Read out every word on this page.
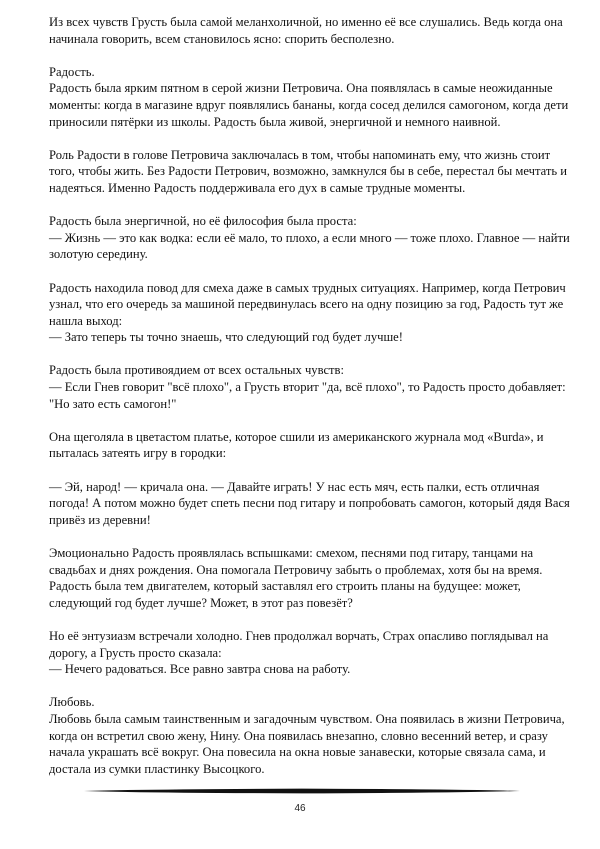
Из всех чувств Грусть была самой меланхоличной, но именно её все слушались. Ведь когда она
начинала говорить, всем становилось ясно: спорить бесполезно.

Радость.
Радость была ярким пятном в серой жизни Петровича. Она появлялась в самые неожиданные
моменты: когда в магазине вдруг появлялись бананы, когда сосед делился самогоном, когда дети
приносили пятёрки из школы. Радость была живой, энергичной и немного наивной.

Роль Радости в голове Петровича заключалась в том, чтобы напоминать ему, что жизнь стоит
того, чтобы жить. Без Радости Петрович, возможно, замкнулся бы в себе, перестал бы мечтать и
надеяться. Именно Радость поддерживала его дух в самые трудные моменты.

Радость была энергичной, но её философия была проста:
— Жизнь — это как водка: если её мало, то плохо, а если много — тоже плохо. Главное — найти
золотую середину.

Радость находила повод для смеха даже в самых трудных ситуациях. Например, когда Петрович
узнал, что его очередь за машиной передвинулась всего на одну позицию за год, Радость тут же
нашла выход:
— Зато теперь ты точно знаешь, что следующий год будет лучше!

Радость была противоядием от всех остальных чувств:
— Если Гнев говорит "всё плохо", а Грусть вторит "да, всё плохо", то Радость просто добавляет:
"Но зато есть самогон!"

Она щеголяла в цветастом платье, которое сшили из американского журнала мод «Burda», и
пыталась затеять игру в городки:

— Эй, народ! — кричала она. — Давайте играть! У нас есть мяч, есть палки, есть отличная
погода! А потом можно будет спеть песни под гитару и попробовать самогон, который дядя Вася
привёз из деревни!

Эмоционально Радость проявлялась вспышками: смехом, песнями под гитару, танцами на
свадьбах и днях рождения. Она помогала Петровичу забыть о проблемах, хотя бы на время.
Радость была тем двигателем, который заставлял его строить планы на будущее: может,
следующий год будет лучше? Может, в этот раз повезёт?

Но её энтузиазм встречали холодно. Гнев продолжал ворчать, Страх опасливо поглядывал на
дорогу, а Грусть просто сказала:
— Нечего радоваться. Все равно завтра снова на работу.

Любовь.
Любовь была самым таинственным и загадочным чувством. Она появилась в жизни Петровича,
когда он встретил свою жену, Нину. Она появилась внезапно, словно весенний ветер, и сразу
начала украшать всё вокруг. Она повесила на окна новые занавески, которые связала сама, и
достала из сумки пластинку Высоцкого.

46
